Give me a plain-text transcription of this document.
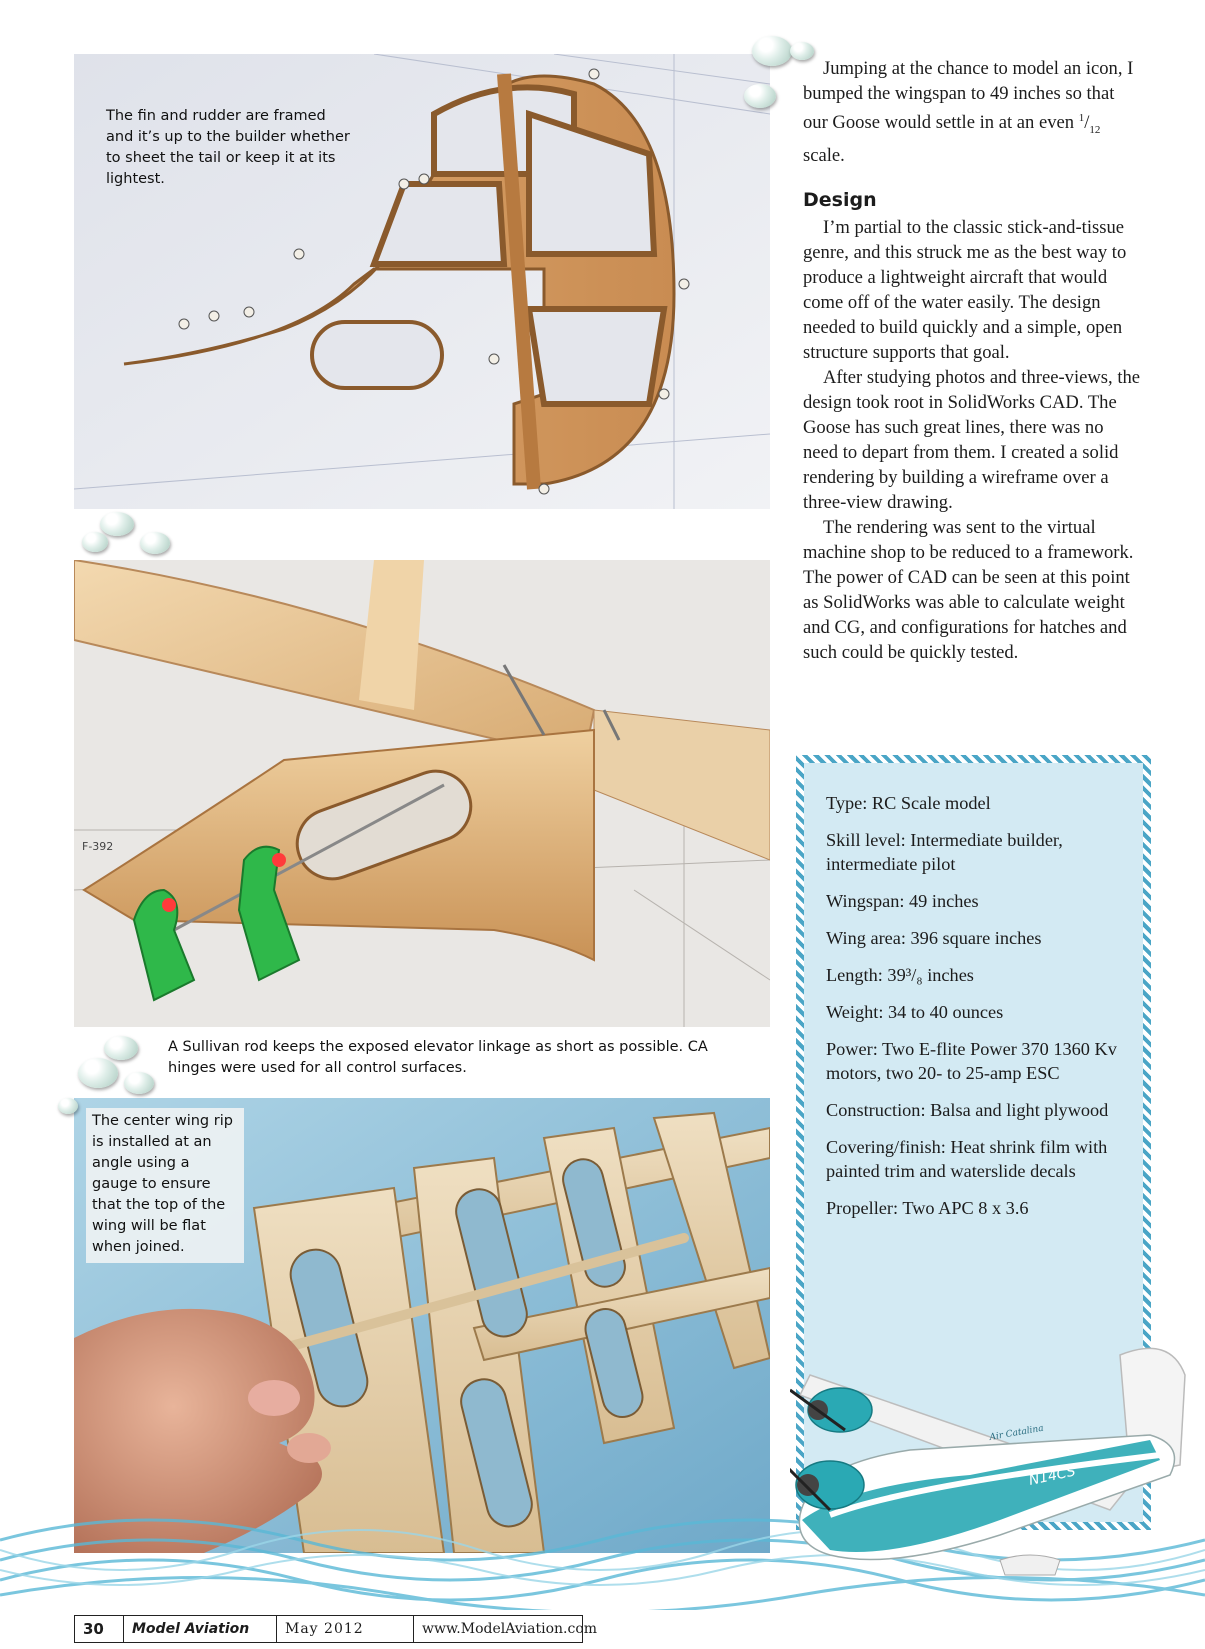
The fin and rudder are framed and it’s up to the builder whether to sheet the tail or keep it at its lightest.
F-392
A Sullivan rod keeps the exposed elevator linkage as short as possible. CA hinges were used for all control surfaces.
The center wing rip is installed at an angle using a gauge to ensure that the top of the wing will be flat when joined.

Jumping at the chance to model an icon, I bumped the wingspan to 49 inches so that our Goose would settle in at an even $^1/_{12}$ scale.

Design

I’m partial to the classic stick-and-tissue genre, and this struck me as the best way to produce a lightweight aircraft that would come off of the water easily. The design needed to build quickly and a simple, open structure supports that goal.

After studying photos and three-views, the design took root in SolidWorks CAD. The Goose has such great lines, there was no need to depart from them. I created a solid rendering by building a wireframe over a three-view drawing.

The rendering was sent to the virtual machine shop to be reduced to a framework. The power of CAD can be seen at this point as SolidWorks was able to calculate weight and CG, and configurations for hatches and such could be quickly tested.

Type: RC Scale model
Skill level: Intermediate builder, intermediate pilot
Wingspan: 49 inches
Wing area: 396 square inches
Length: 39³/₈ inches
Weight: 34 to 40 ounces
Power: Two E-flite Power 370 1360 Kv motors, two 20- to 25-amp ESC
Construction: Balsa and light plywood
Covering/finish: Heat shrink film with painted trim and waterslide decals
Propeller: Two APC 8 x 3.6
N14CS
Air Catalina
30	Model Aviation	May 2012	www.ModelAviation.com
